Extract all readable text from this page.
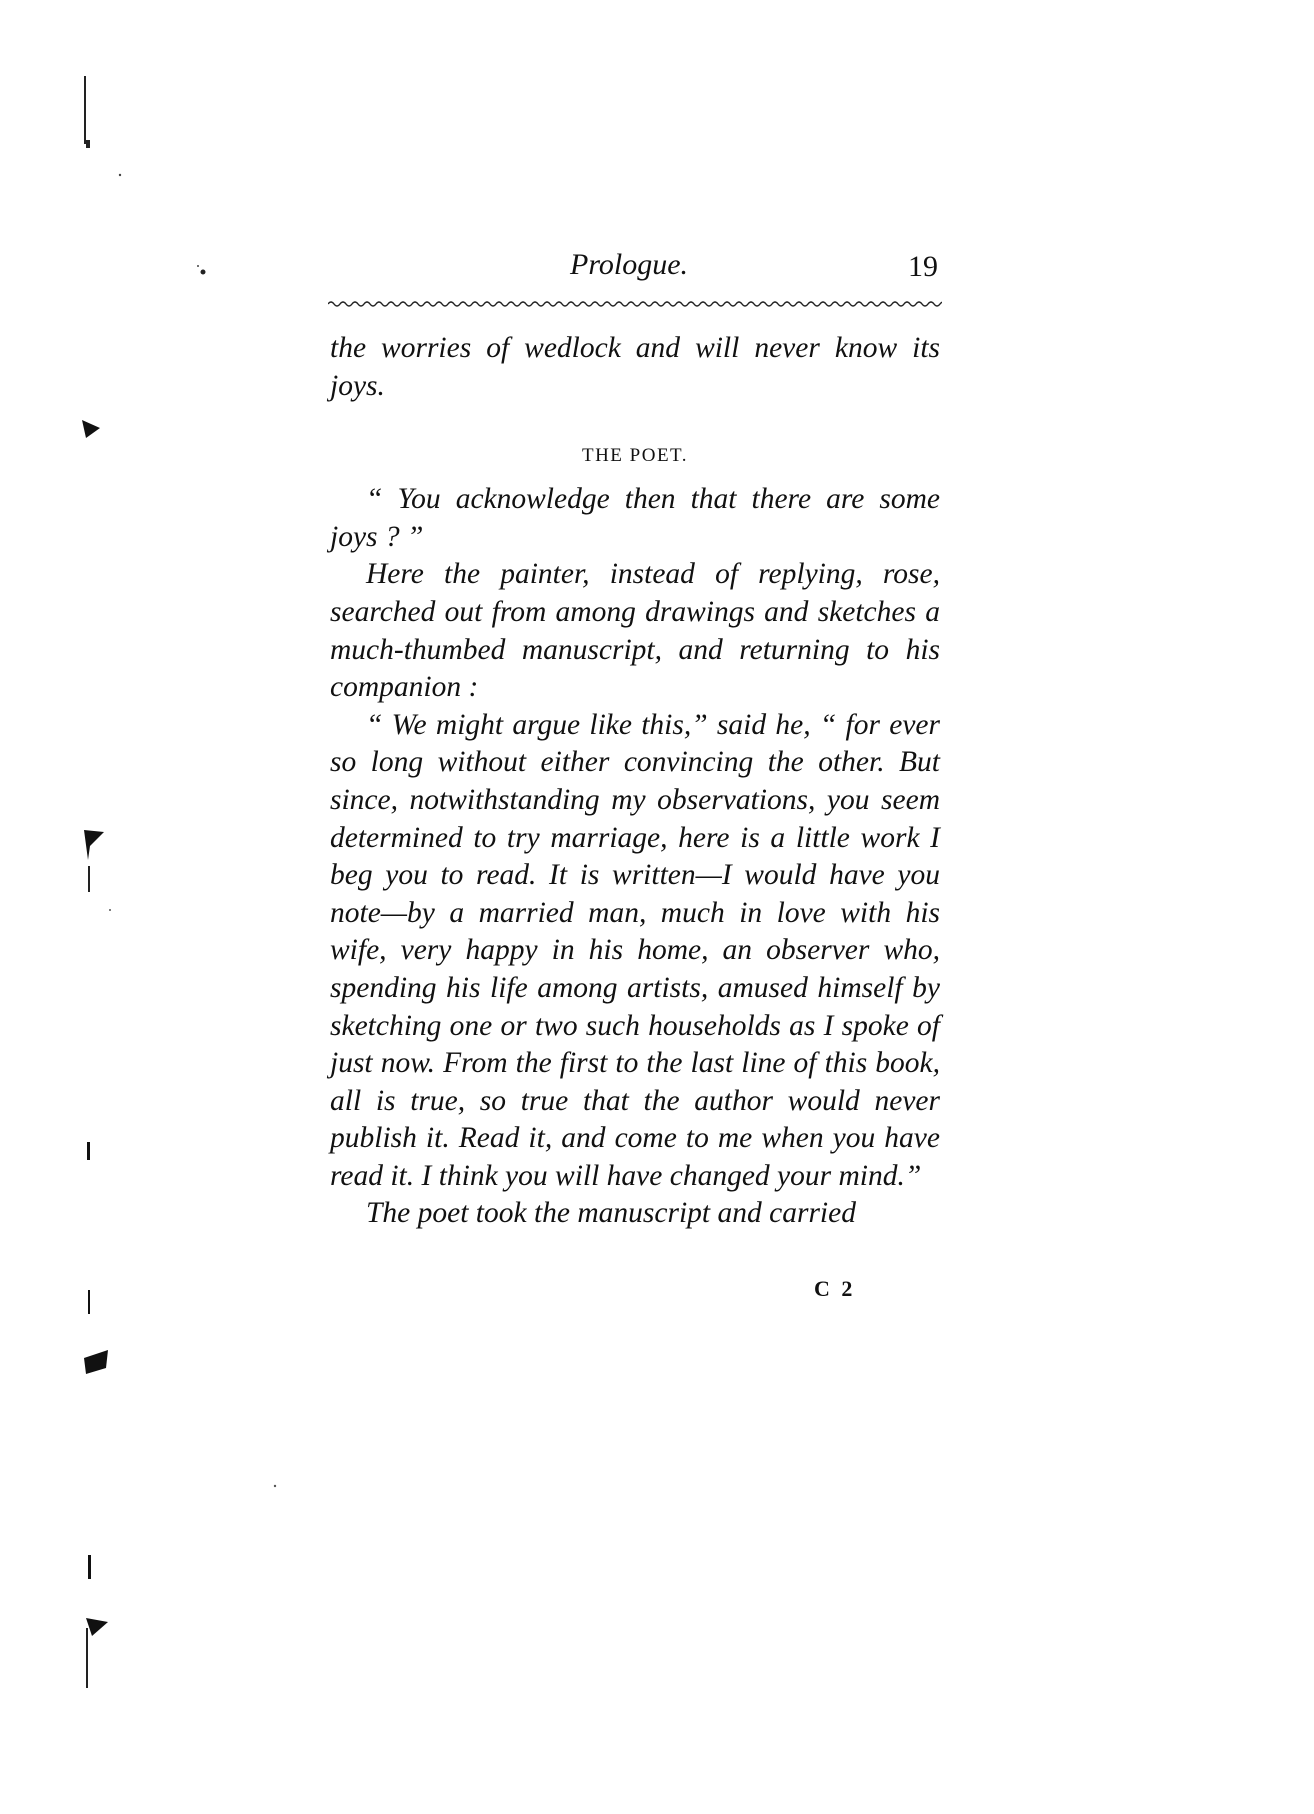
Prologue.	19

the worries of wedlock and will never know its joys.

THE POET.

“ You acknowledge then that there are some joys ? ”

Here the painter, instead of replying, rose, searched out from among drawings and sketches a much-thumbed manuscript, and returning to his companion :

“ We might argue like this,” said he, “ for ever so long without either convincing the other. But since, notwithstanding my observations, you seem determined to try marriage, here is a little work I beg you to read. It is written—I would have you note—by a married man, much in love with his wife, very happy in his home, an observer who, spending his life among artists, amused himself by sketching one or two such households as I spoke of just now. From the first to the last line of this book, all is true, so true that the author would never publish it. Read it, and come to me when you have read it. I think you will have changed your mind.”

The poet took the manuscript and carried

C 2
